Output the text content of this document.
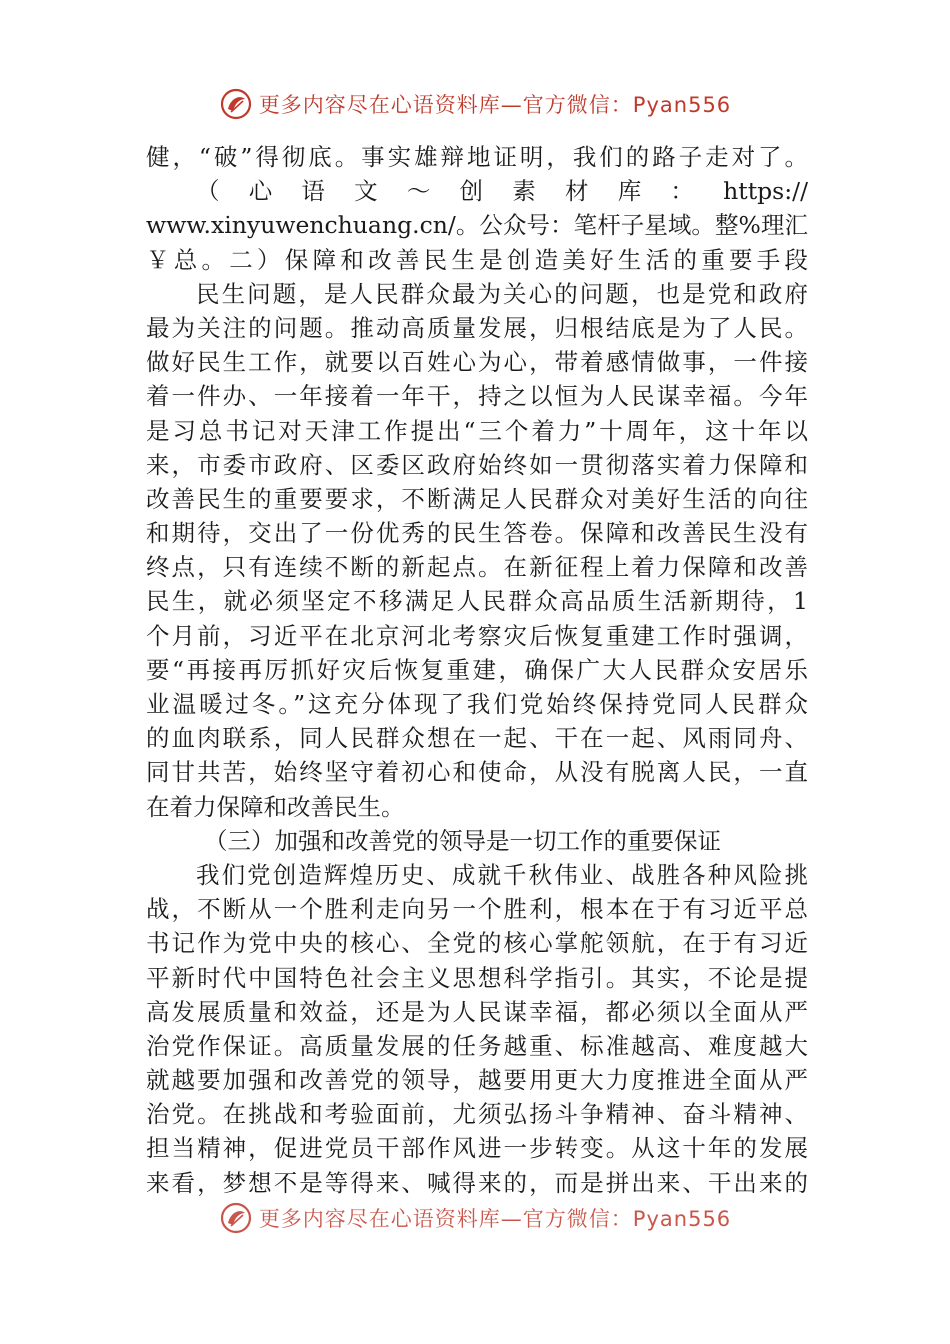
更多内容尽在心语资料库—官方微信：Pyan556
健，“破”得彻底。事实雄辩地证明，我们的路子走对了。
（ 心 语 文 ～ 创 素 材 库 ： https://
www.xinyuwenchuang.cn/。公众号：笔杆子星域。整%理汇
￥总。二）保障和改善民生是创造美好生活的重要手段
民生问题，是人民群众最为关心的问题，也是党和政府
最为关注的问题。推动高质量发展，归根结底是为了人民。
做好民生工作，就要以百姓心为心，带着感情做事，一件接
着一件办、一年接着一年干，持之以恒为人民谋幸福。今年
是习总书记对天津工作提出“三个着力”十周年，这十年以
来，市委市政府、区委区政府始终如一贯彻落实着力保障和
改善民生的重要要求，不断满足人民群众对美好生活的向往
和期待，交出了一份优秀的民生答卷。保障和改善民生没有
终点，只有连续不断的新起点。在新征程上着力保障和改善
民生，就必须坚定不移满足人民群众高品质生活新期待，1
个月前，习近平在北京河北考察灾后恢复重建工作时强调，
要“再接再厉抓好灾后恢复重建，确保广大人民群众安居乐
业温暖过冬。”这充分体现了我们党始终保持党同人民群众
的血肉联系，同人民群众想在一起、干在一起、风雨同舟、
同甘共苦，始终坚守着初心和使命，从没有脱离人民，一直
在着力保障和改善民生。
（三）加强和改善党的领导是一切工作的重要保证
我们党创造辉煌历史、成就千秋伟业、战胜各种风险挑
战，不断从一个胜利走向另一个胜利，根本在于有习近平总
书记作为党中央的核心、全党的核心掌舵领航，在于有习近
平新时代中国特色社会主义思想科学指引。其实，不论是提
高发展质量和效益，还是为人民谋幸福，都必须以全面从严
治党作保证。高质量发展的任务越重、标准越高、难度越大
就越要加强和改善党的领导，越要用更大力度推进全面从严
治党。在挑战和考验面前，尤须弘扬斗争精神、奋斗精神、
担当精神，促进党员干部作风进一步转变。从这十年的发展
来看，梦想不是等得来、喊得来的，而是拼出来、干出来的
更多内容尽在心语资料库—官方微信：Pyan556
